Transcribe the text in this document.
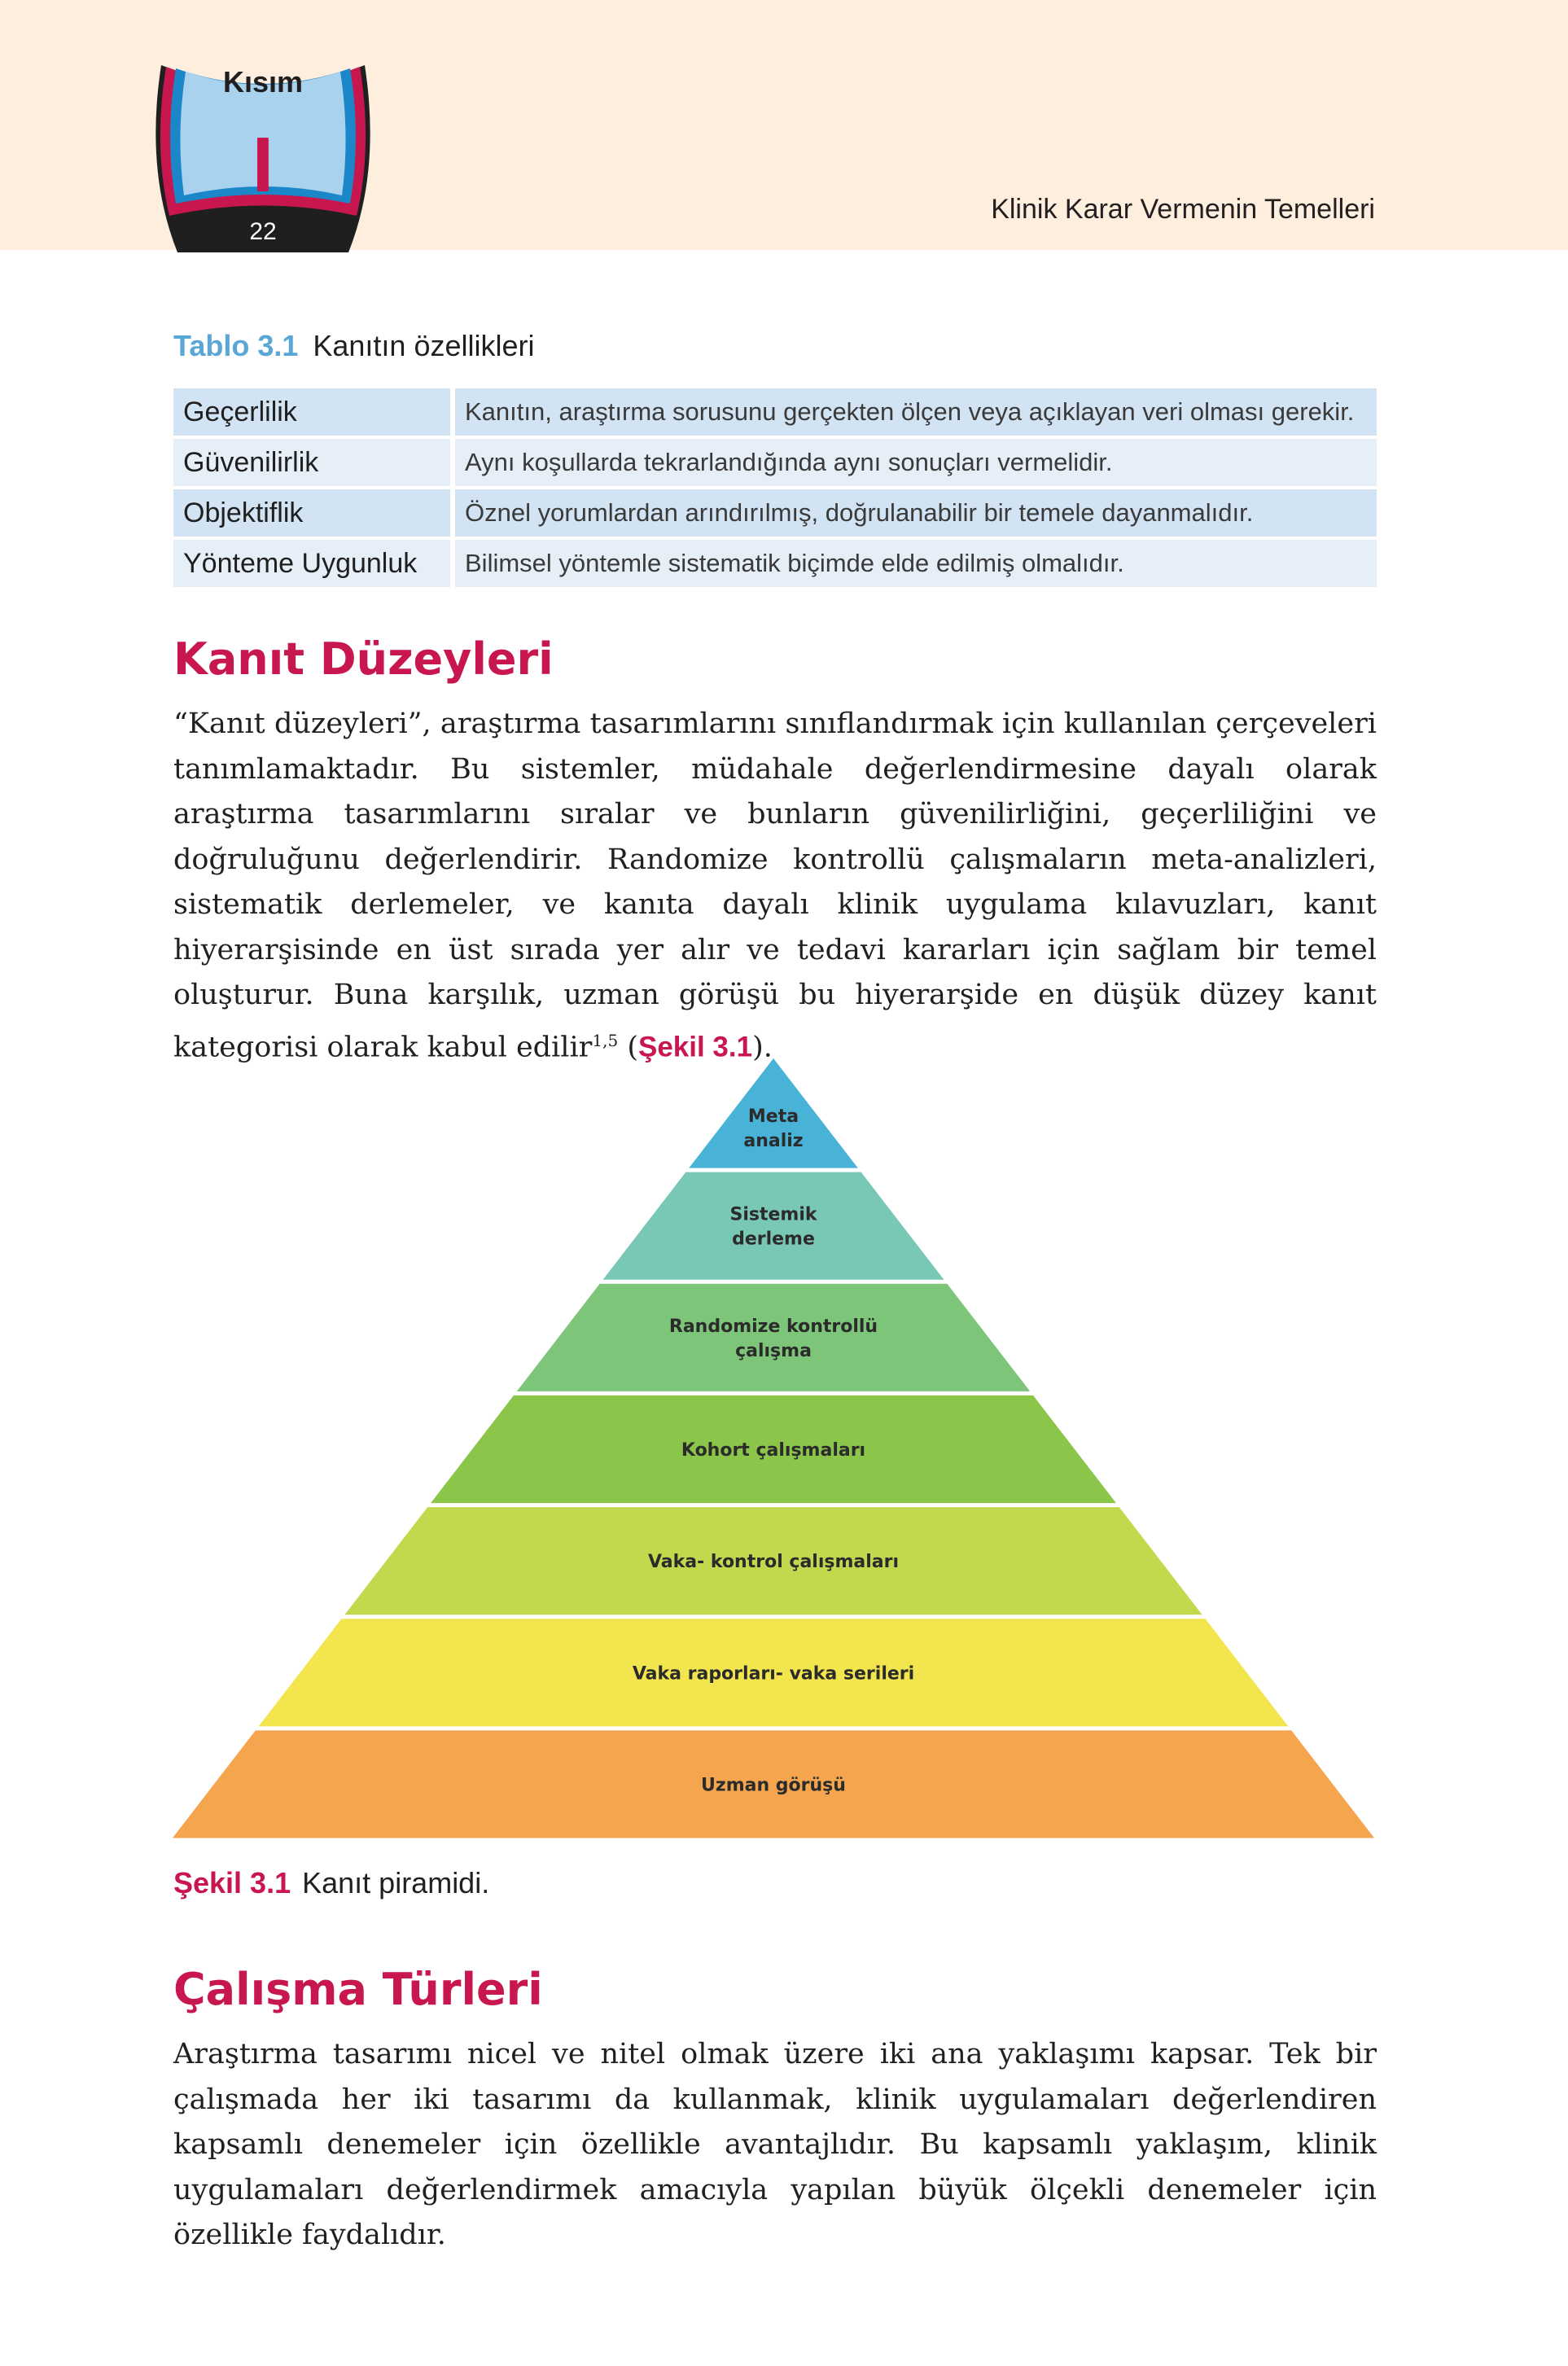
Kısım
I
22
Klinik Karar Vermenin Temelleri
Tablo 3.1 Kanıtın özellikleri
Geçerlilik	Kanıtın, araştırma sorusunu gerçekten ölçen veya açıklayan veri olması gerekir.
Güvenilirlik	Aynı koşullarda tekrarlandığında aynı sonuçları vermelidir.
Objektiflik	Öznel yorumlardan arındırılmış, doğrulanabilir bir temele dayanmalıdır.
Yönteme Uygunluk	Bilimsel yöntemle sistematik biçimde elde edilmiş olmalıdır.
Kanıt Düzeyleri
“Kanıt düzeyleri”, araştırma tasarımlarını sınıflandırmak için kullanılan çerçeveleri tanımlamaktadır. Bu sistemler, müdahale değerlendirmesine dayalı olarak araştırma tasarımlarını sıralar ve bunların güvenilirliğini, geçerliliğini ve doğruluğunu değerlendirir. Randomize kontrollü çalışmaların meta-analizleri, sistematik derlemeler, ve kanıta dayalı klinik uygulama kılavuzları, kanıt hiyerarşisinde en üst sırada yer alır ve tedavi kararları için sağlam bir temel oluşturur. Buna karşılık, uzman görüşü bu hiyerarşide en düşük düzey kanıt kategorisi olarak kabul edilir$^{1,5}$ (Şekil 3.1).
Meta
analiz
Sistemik
derleme
Randomize kontrollü
çalışma
Kohort çalışmaları
Vaka- kontrol çalışmaları
Vaka raporları- vaka serileri
Uzman görüşü
Şekil 3.1 Kanıt piramidi.
Çalışma Türleri
Araştırma tasarımı nicel ve nitel olmak üzere iki ana yaklaşımı kapsar. Tek bir çalışmada her iki tasarımı da kullanmak, klinik uygulamaları değerlendiren kapsamlı denemeler için özellikle avantajlıdır. Bu kapsamlı yaklaşım, klinik uygulamaları değerlendirmek amacıyla yapılan büyük ölçekli denemeler için özellikle faydalıdır.
